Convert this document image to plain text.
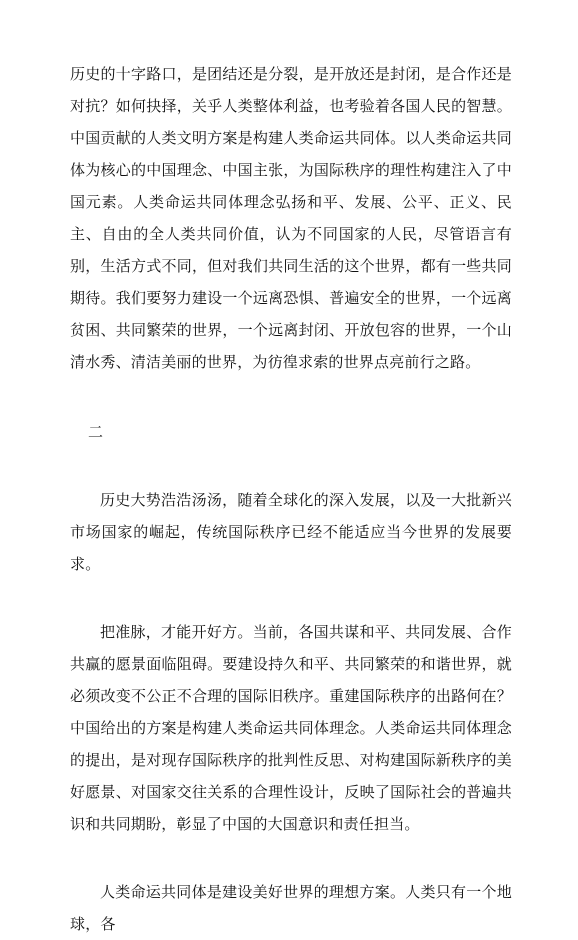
历史的十字路口，是团结还是分裂，是开放还是封闭，是合作还是对抗？如何抉择，关乎人类整体利益，也考验着各国人民的智慧。中国贡献的人类文明方案是构建人类命运共同体。以人类命运共同体为核心的中国理念、中国主张，为国际秩序的理性构建注入了中国元素。人类命运共同体理念弘扬和平、发展、公平、正义、民主、自由的全人类共同价值，认为不同国家的人民，尽管语言有别，生活方式不同，但对我们共同生活的这个世界，都有一些共同期待。我们要努力建设一个远离恐惧、普遍安全的世界，一个远离贫困、共同繁荣的世界，一个远离封闭、开放包容的世界，一个山清水秀、清洁美丽的世界，为彷徨求索的世界点亮前行之路。

二

历史大势浩浩汤汤，随着全球化的深入发展，以及一大批新兴市场国家的崛起，传统国际秩序已经不能适应当今世界的发展要求。

把准脉，才能开好方。当前，各国共谋和平、共同发展、合作共赢的愿景面临阻碍。要建设持久和平、共同繁荣的和谐世界，就必须改变不公正不合理的国际旧秩序。重建国际秩序的出路何在？中国给出的方案是构建人类命运共同体理念。人类命运共同体理念的提出，是对现存国际秩序的批判性反思、对构建国际新秩序的美好愿景、对国家交往关系的合理性设计，反映了国际社会的普遍共识和共同期盼，彰显了中国的大国意识和责任担当。

人类命运共同体是建设美好世界的理想方案。人类只有一个地球，各
